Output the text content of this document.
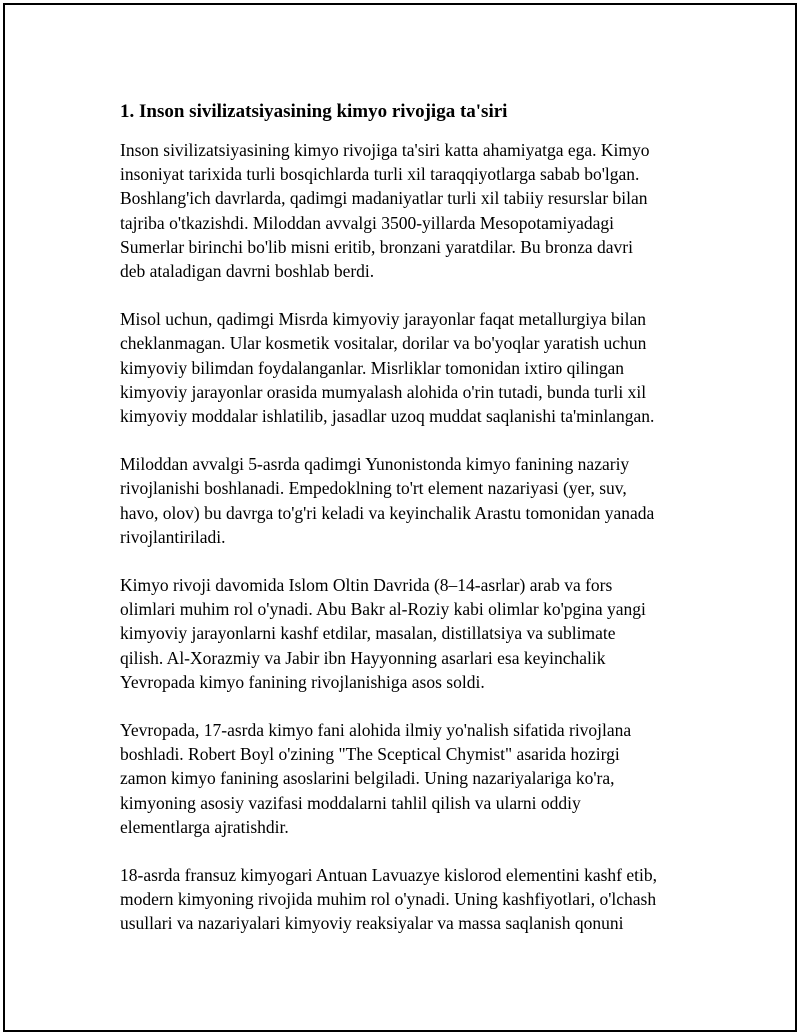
1. Inson sivilizatsiyasining kimyo rivojiga ta'siri

Inson sivilizatsiyasining kimyo rivojiga ta'siri katta ahamiyatga ega. Kimyo
insoniyat tarixida turli bosqichlarda turli xil taraqqiyotlarga sabab bo'lgan.
Boshlang'ich davrlarda, qadimgi madaniyatlar turli xil tabiiy resurslar bilan
tajriba o'tkazishdi. Miloddan avvalgi 3500-yillarda Mesopotamiyadagi
Sumerlar birinchi bo'lib misni eritib, bronzani yaratdilar. Bu bronza davri
deb ataladigan davrni boshlab berdi.

Misol uchun, qadimgi Misrda kimyoviy jarayonlar faqat metallurgiya bilan
cheklanmagan. Ular kosmetik vositalar, dorilar va bo'yoqlar yaratish uchun
kimyoviy bilimdan foydalanganlar. Misrliklar tomonidan ixtiro qilingan
kimyoviy jarayonlar orasida mumyalash alohida o'rin tutadi, bunda turli xil
kimyoviy moddalar ishlatilib, jasadlar uzoq muddat saqlanishi ta'minlangan.

Miloddan avvalgi 5-asrda qadimgi Yunonistonda kimyo fanining nazariy
rivojlanishi boshlanadi. Empedoklning to'rt element nazariyasi (yer, suv,
havo, olov) bu davrga to'g'ri keladi va keyinchalik Arastu tomonidan yanada
rivojlantiriladi.

Kimyo rivoji davomida Islom Oltin Davrida (8–14-asrlar) arab va fors
olimlari muhim rol o'ynadi. Abu Bakr al-Roziy kabi olimlar ko'pgina yangi
kimyoviy jarayonlarni kashf etdilar, masalan, distillatsiya va sublimate
qilish. Al-Xorazmiy va Jabir ibn Hayyonning asarlari esa keyinchalik
Yevropada kimyo fanining rivojlanishiga asos soldi.

Yevropada, 17-asrda kimyo fani alohida ilmiy yo'nalish sifatida rivojlana
boshladi. Robert Boyl o'zining "The Sceptical Chymist" asarida hozirgi
zamon kimyo fanining asoslarini belgiladi. Uning nazariyalariga ko'ra,
kimyoning asosiy vazifasi moddalarni tahlil qilish va ularni oddiy
elementlarga ajratishdir.

18-asrda fransuz kimyogari Antuan Lavuazye kislorod elementini kashf etib,
modern kimyoning rivojida muhim rol o'ynadi. Uning kashfiyotlari, o'lchash
usullari va nazariyalari kimyoviy reaksiyalar va massa saqlanish qonuni
